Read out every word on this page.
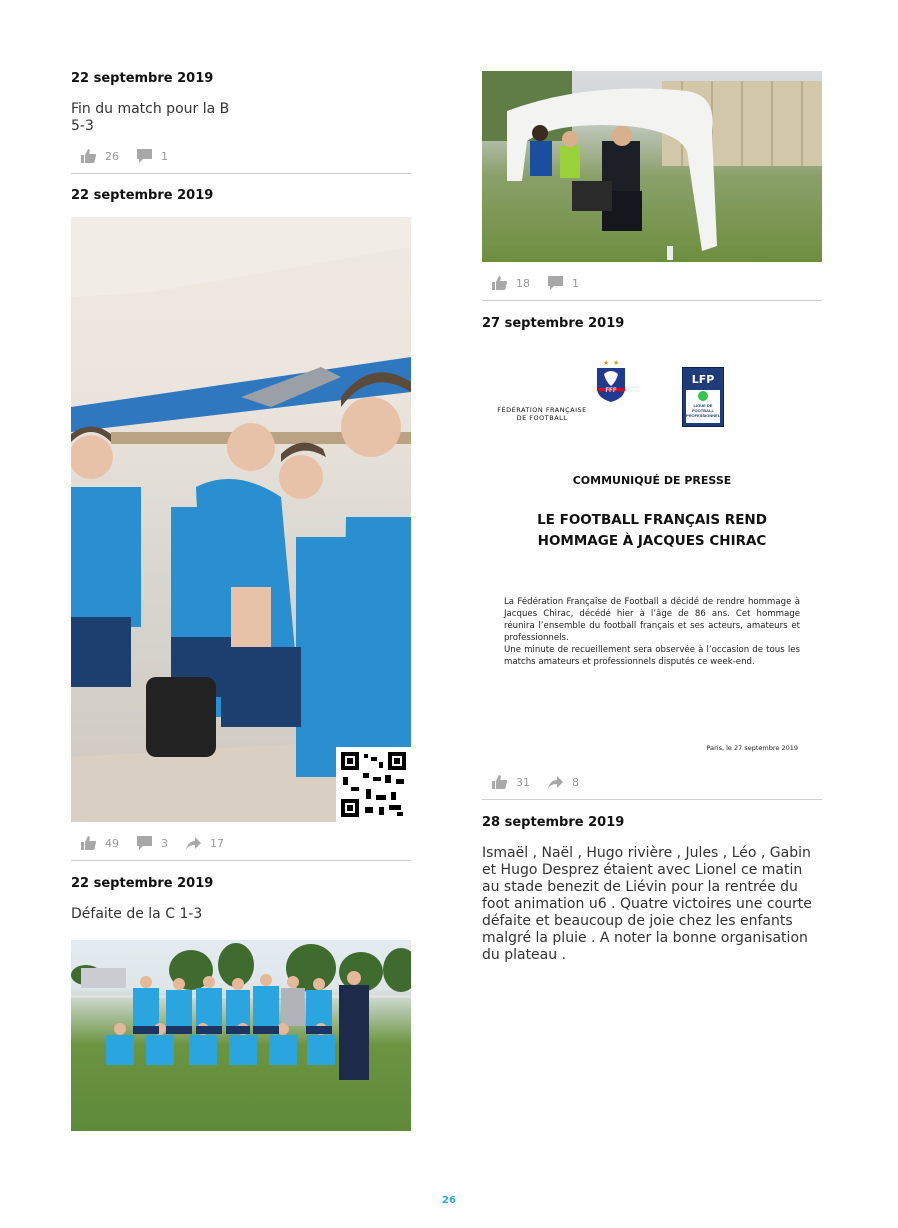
22 septembre 2019
Fin du match pour la B
5-3
26	1
22 septembre 2019
49	3	17
22 septembre 2019
Défaite de la C 1-3
18	1
27 septembre 2019
★ ★
FFF
FÉDÉRATION FRANÇAISE
DE FOOTBALL
LFP
LIGUE DE
FOOTBALL
PROFESSIONNEL
COMMUNIQUÉ DE PRESSE
LE FOOTBALL FRANÇAIS REND
HOMMAGE À JACQUES CHIRAC
La Fédération Française de Football a décidé de rendre hommage à Jacques Chirac, décédé hier à l’âge de 86 ans. Cet hommage réunira l’ensemble du football français et ses acteurs, amateurs et professionnels.
Une minute de recueillement sera observée à l’occasion de tous les matchs amateurs et professionnels disputés ce week-end.
Paris, le 27 septembre 2019
31	8
28 septembre 2019
Ismaël , Naël , Hugo rivière , Jules , Léo , Gabin et Hugo Desprez étaient avec Lionel ce matin au stade benezit de Liévin pour la rentrée du foot animation u6 . Quatre victoires une courte défaite et beaucoup de joie chez les enfants malgré la pluie . A noter la bonne organisation du plateau .
26
